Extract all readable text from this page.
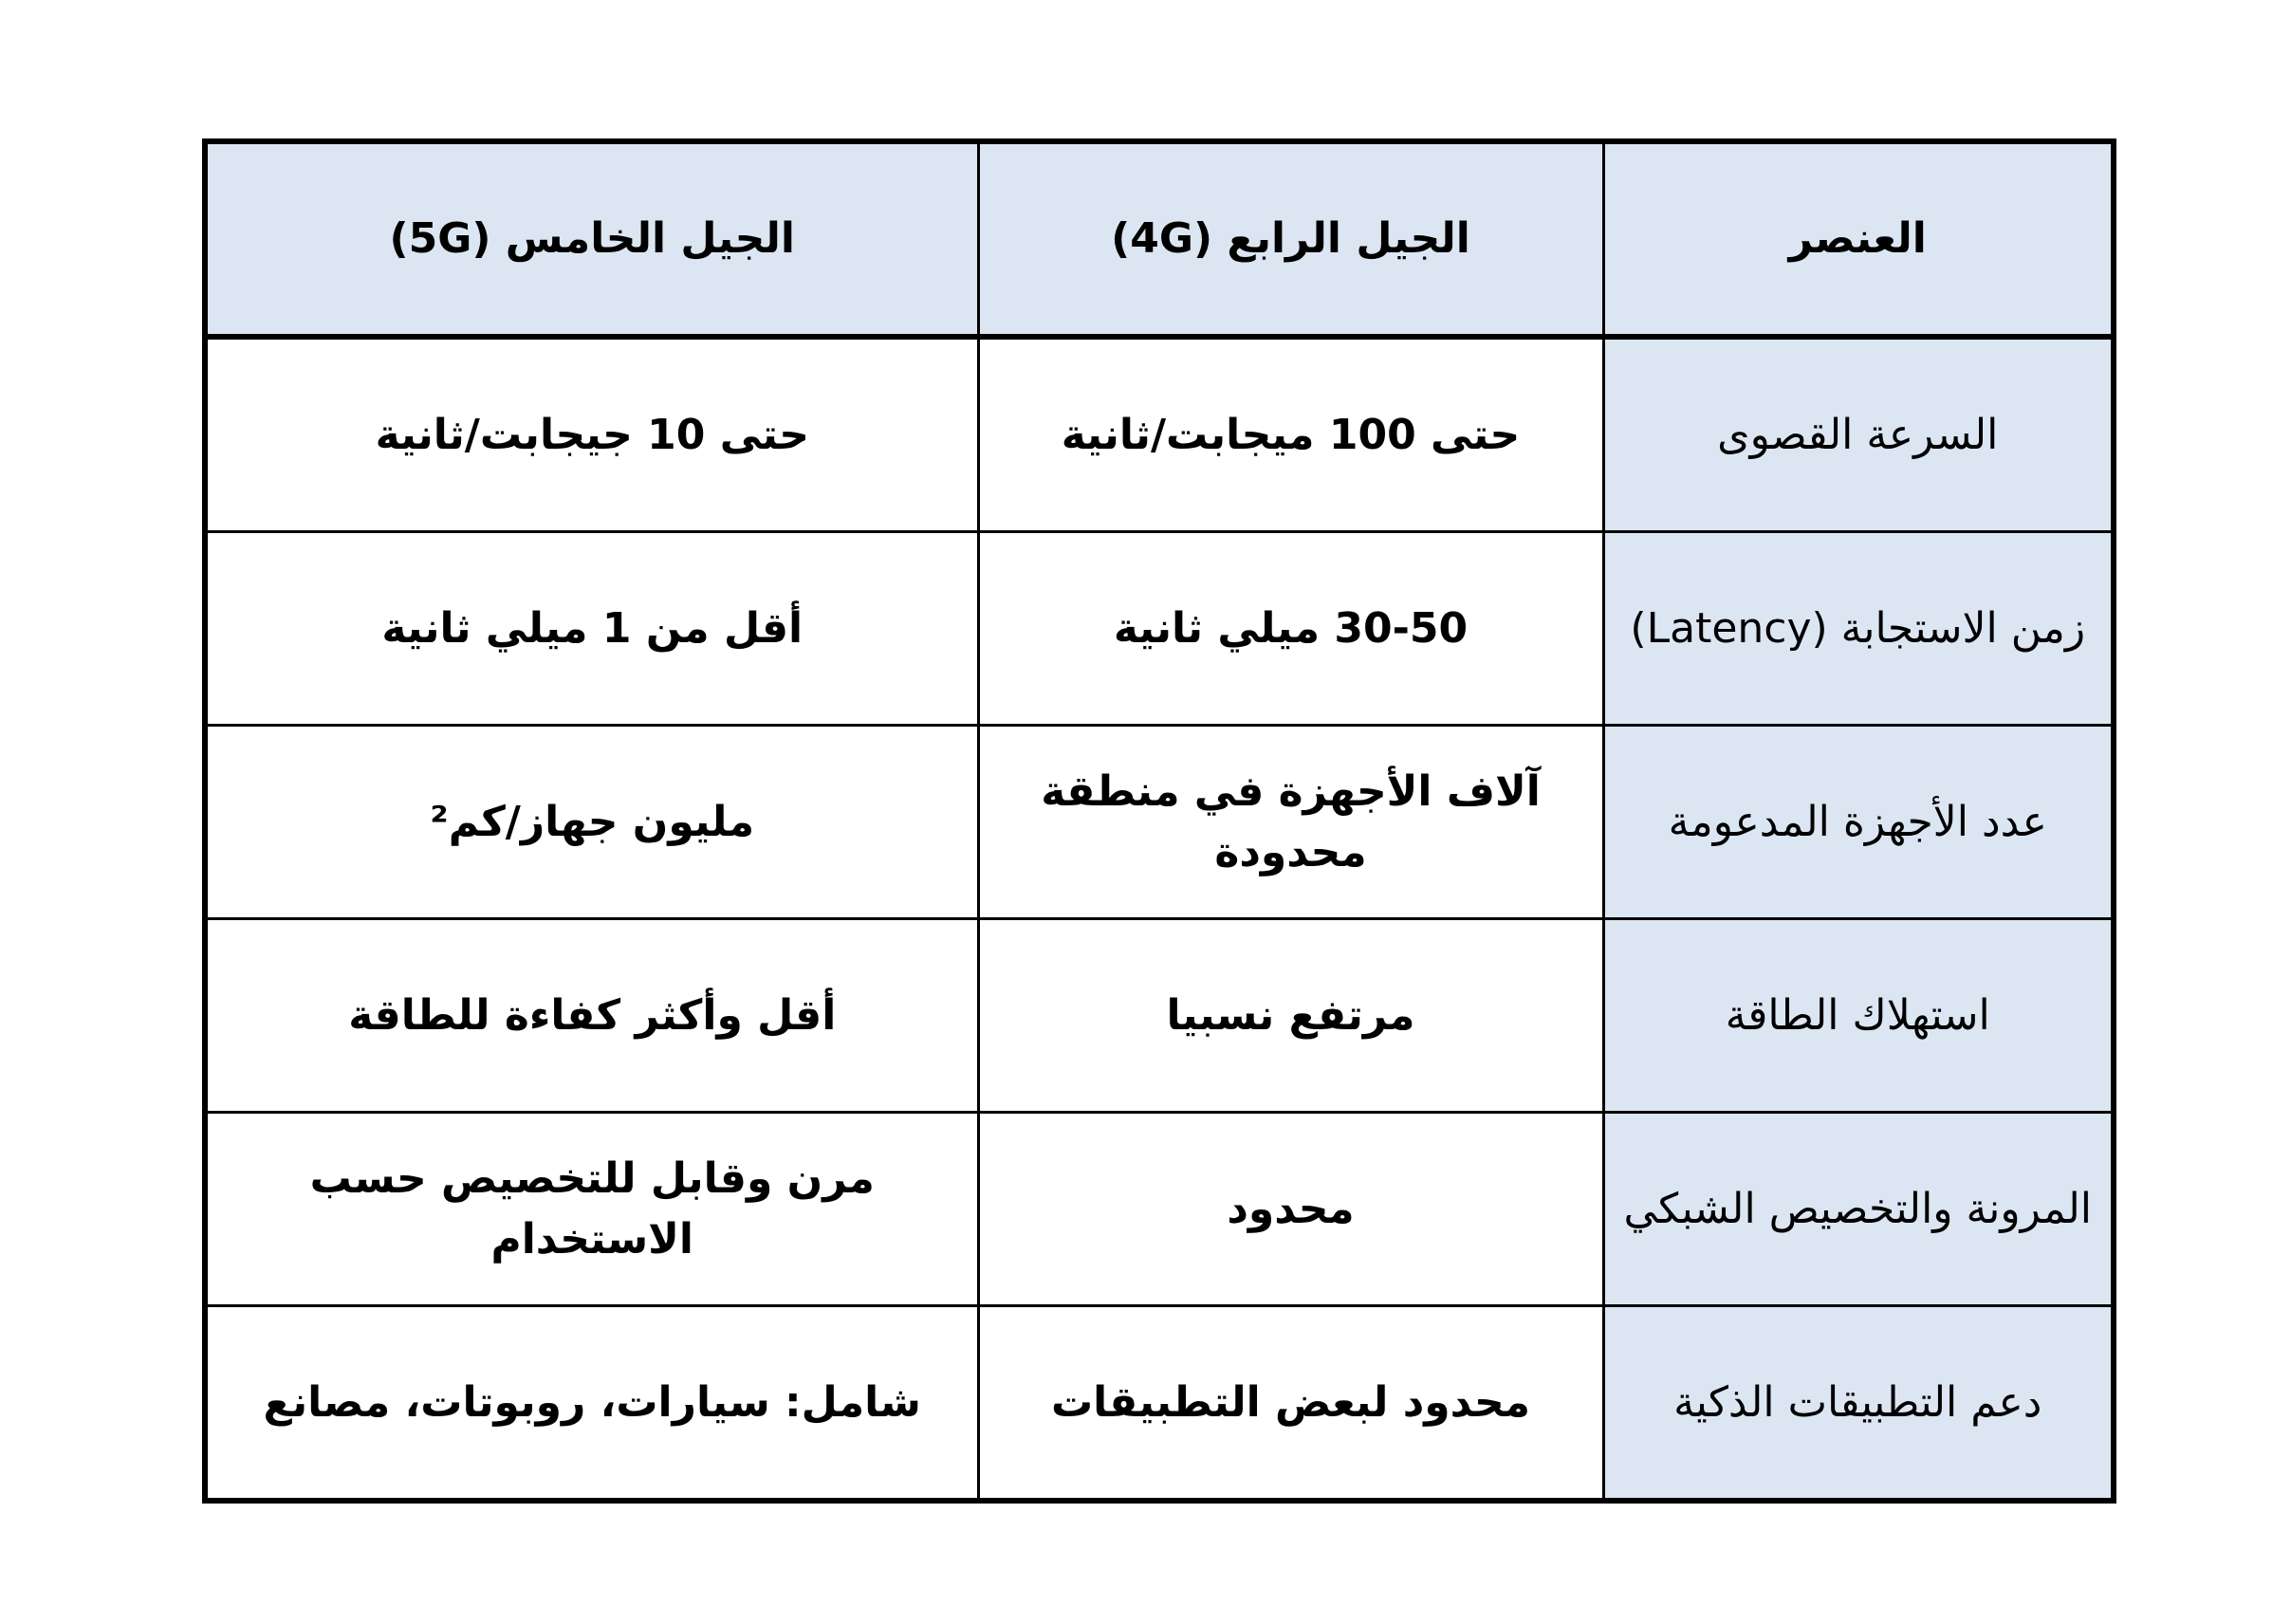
العنصر	الجيل الرابع (4G)	الجيل الخامس (5G)
السرعة القصوى	حتى 100 ميجابت/ثانية	حتى 10 جيجابت/ثانية
زمن الاستجابة (Latency)	30-50 ميلي ثانية	أقل من 1 ميلي ثانية
عدد الأجهزة المدعومة	آلاف الأجهزة في منطقة محدودة	مليون جهاز/كم²
استهلاك الطاقة	مرتفع نسبيا	أقل وأكثر كفاءة للطاقة
المرونة والتخصيص الشبكي	محدود	مرن وقابل للتخصيص حسب الاستخدام
دعم التطبيقات الذكية	محدود لبعض التطبيقات	شامل: سيارات، روبوتات، مصانع
